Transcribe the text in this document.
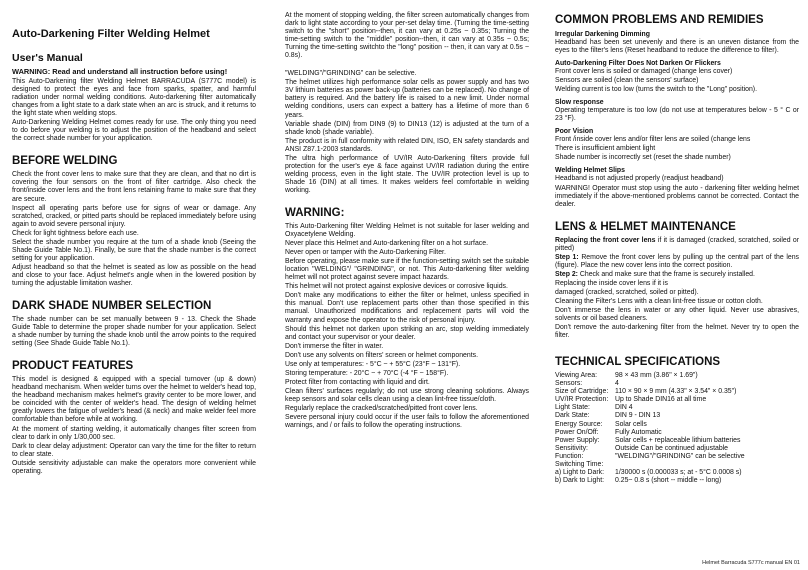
Auto-Darkening Filter Welding Helmet
User's Manual
WARNING: Read and understand all instruction before using!

This Auto-Darkening filter Welding Helmet BARRACUDA (S777C model) is designed to protect the eyes and face from sparks, spatter, and harmful radiation under normal welding conditions. Auto-darkening filter automatically changes from a light state to a dark state when an arc is struck, and it returns to the light state when welding stops.

Auto-Darkening Welding Helmet comes ready for use. The only thing you need to do before your welding is to adjust the position of the headband and select the correct shade number for your application.

BEFORE WELDING

Check the front cover lens to make sure that they are clean, and that no dirt is covering the four sensors on the front of filter cartridge. Also check the front/inside cover lens and the front lens retaining frame to make sure that they are secure.

Inspect all operating parts before use for signs of wear or damage. Any scratched, cracked, or pitted parts should be replaced immediately before using again to avoid severe personal injury.

Check for light tightness before each use.

Select the shade number you require at the turn of a shade knob (Seeing the Shade Guide Table No.1). Finally, be sure that the shade number is the correct setting for your application.

Adjust headband so that the helmet is seated as low as possible on the head and close to your face. Adjust helmet's angle when in the lowered position by turning the adjustable limitation washer.

DARK SHADE NUMBER SELECTION

The shade number can be set manually between 9 - 13. Check the Shade Guide Table to determine the proper shade number for your application. Select a shade number by turning the shade knob until the arrow points to the required setting (See Shade Guide Table No.1).

PRODUCT FEATURES

This model is designed & equipped with a special turnover (up & down) headband mechanism. When welder turns over the helmet to welder's head top, the headband mechanism makes helmet's gravity center to be more lower, and be coincided with the center of welder's head. The design of welding helmet greatly lowers the fatigue of welder's head (& neck) and make welder feel more comfortable than before while at working.

At the moment of starting welding, it automatically changes filter screen from clear to dark in only 1/30,000 sec.

Dark to clear delay adjustment: Operator can vary the time for the filter to return to clear state.

Outside sensitivity adjustable can make the operators more convenient while operating.

At the moment of stopping welding, the filter screen automatically changes from dark to light state according to your per-set delay time. (Turning the time-setting switch to the "short" position--then, it can vary at 0.25s ~ 0.35s; Turning the time-setting switch to the "middle" position--then, it can vary at 0.35s ~ 0.5s; Turning the time-setting switchto the "long" position -- then, it can vary at 0.5s ~ 0.8s).

"WELDING"/"GRINDING" can be selective.

The helmet utilizes high performance solar cells as power supply and has two 3V lithium batteries as power back-up (batteries can be replaced). No change of battery is required. And the battery life is raised to a new limit. Under normal welding conditions, users can expect a battery has a lifetime of more than 6 years.

Variable shade (DIN) from DIN9 (9) to DIN13 (12) is adjusted at the turn of a shade knob (shade variable).

The product is in full conformity with related DIN, ISO, EN safety standards and ANSI Z87.1-2003 standards.

The ultra high performance of UV/IR Auto-Darkening filters provide full protection for the user's eye & face against UV/IR radiation during the entire welding process, even in the light state. The UV/IR protection level is up to Shade 16 (DIN) at all times. It makes welders feel comfortable in welding working.

WARNING:

This Auto-Darkening filter Welding Helmet is not suitable for laser welding and Oxyacetylene Welding.

Never place this Helmet and Auto-darkening filter on a hot surface.

Never open or tamper with the Auto-Darkening Filter.

Before operating, please make sure if the function-setting switch set the suitable location "WELDING"/ "GRINDING", or not. This Auto-darkening filter welding helmet will not protect against severe impact hazards.

This helmet will not protect against explosive devices or corrosive liquids.

Don't make any modifications to either the filter or helmet, unless specified in this manual. Don't use replacement parts other than those specified in this manual. Unauthorized modifications and replacement parts will void the warranty and expose the operator to the risk of personal injury.

Should this helmet not darken upon striking an arc, stop welding immediately and contact your supervisor or your dealer.

Don't immerse the filter in water.

Don't use any solvents on filters' screen or helmet components.

Use only at temperatures: - 5°C ~ + 55°C (23°F ~ 131°F).

Storing temperature: - 20°C ~ + 70°C (-4 °F ~ 158°F).

Protect filter from contacting with liquid and dirt.

Clean filters' surfaces regularly; do not use strong cleaning solutions. Always keep sensors and solar cells clean using a clean lint-free tissue/cloth.

Regularly replace the cracked/scratched/pitted front cover lens.

Severe personal injury could occur if the user fails to follow the aforementioned warnings, and / or fails to follow the operating instructions.

COMMON PROBLEMS AND REMIDIES
Irregular Darkening Dimming

Headband has been set unevenly and there is an uneven distance from the eyes to the filter's lens (Reset headband to reduce the difference to filter).

Auto-Darkening Filter Does Not Darken Or Flickers

Front cover lens is soiled or damaged (change lens cover)

Sensors are soiled (clean the sensors' surface)

Welding current is too low (turns the switch to the "Long" position).

Slow response

Operating temperature is too low (do not use at temperatures below - 5 ° C or 23 °F).

Poor Vision

Front /inside cover lens and/or filter lens are soiled (change lens

There is insufficient ambient light

Shade number is incorrectly set (reset the shade number)

Welding Helmet Slips

Headband is not adjusted properly (readjust headband)

WARNING! Operator must stop using the auto - darkening filter welding helmet immediately if the above-mentioned problems cannot be corrected. Contact the dealer.

LENS & HELMET MAINTENANCE

Replacing the front cover lens if it is damaged (cracked, scratched, soiled or pitted)

Step 1: Remove the front cover lens by pulling up the central part of the lens (figure). Place the new cover lens into the correct position.

Step 2: Check and make sure that the frame is securely installed.

Replacing the inside cover lens if it is

damaged (cracked, scratched, soiled or pitted).

Cleaning the Filter's Lens with a clean lint-free tissue or cotton cloth.

Don't immerse the lens in water or any other liquid. Never use abrasives, solvents or oil based cleaners.

Don't remove the auto-darkening filter from the helmet. Never try to open the filter.

TECHNICAL SPECIFICATIONS
Viewing Area:	98 × 43 mm (3.86" × 1.69")
Sensors:	4
Size of Cartridge: 110 × 90 × 9 mm (4.33" × 3.54" × 0.35")
UV/IR Protection: Up to Shade DIN16 at all time
Light State:	DIN 4
Dark State:	DIN 9 - DIN 13
Energy Source:	Solar cells
Power On/Off:	Fully Automatic
Power Supply:	Solar cells + replaceable lithium batteries
Sensitivity:	Outside Can be continued adjustable
Function:	"WELDING"/"GRINDING" can be selective
Switching Time:
a) Light to Dark:	1/30000 s (0.000033 s; at - 5°C 0.0008 s)
b) Dark to Light:	0.25~ 0.8 s (short -- middle -- long)
Helmet Barracuda S777c manual EN 01
